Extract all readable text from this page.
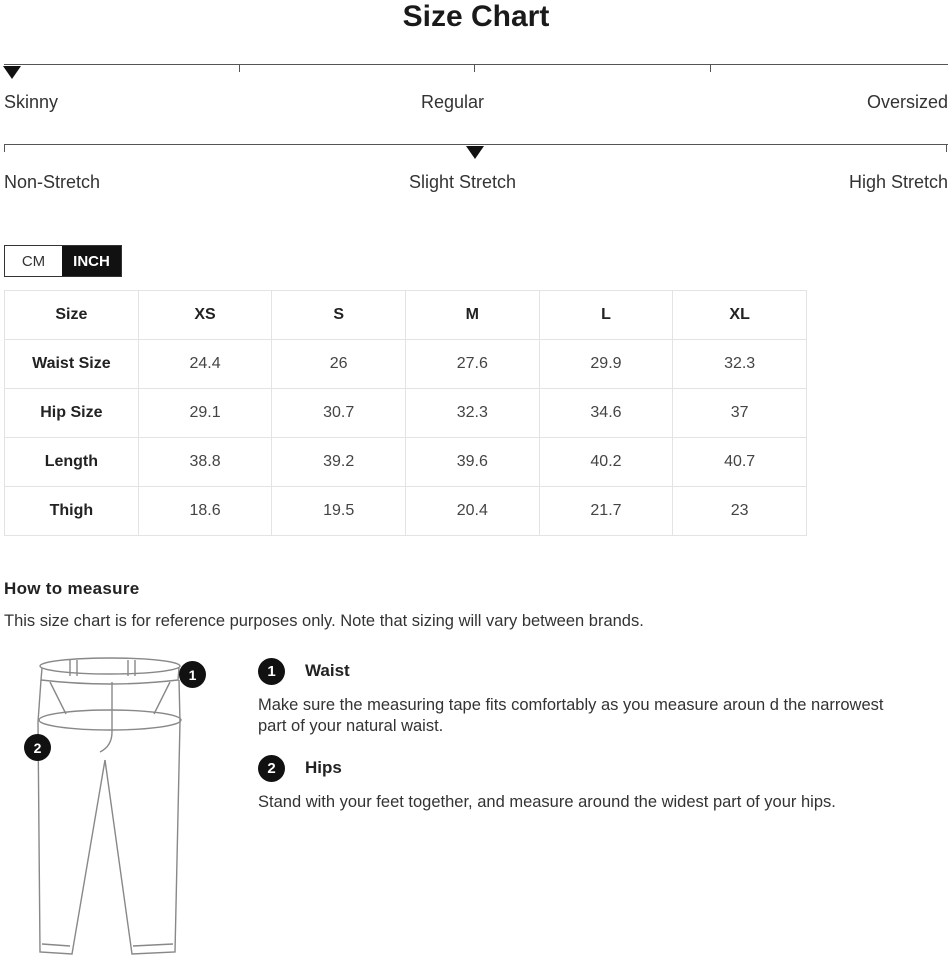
Size Chart
Skinny	Regular	Oversized
Non-Stretch	Slight Stretch	High Stretch
CM	INCH
Size	XS	S	M	L	XL
Waist Size	24.4	26	27.6	29.9	32.3
Hip Size	29.1	30.7	32.3	34.6	37
Length	38.8	39.2	39.6	40.2	40.7
Thigh	18.6	19.5	20.4	21.7	23
How to measure
This size chart is for reference purposes only. Note that sizing will vary between brands.
1
2
1	Waist
Make sure the measuring tape fits comfortably as you measure aroun d the narrowest part of your natural waist.
2	Hips
Stand with your feet together, and measure around the widest part of your hips.
